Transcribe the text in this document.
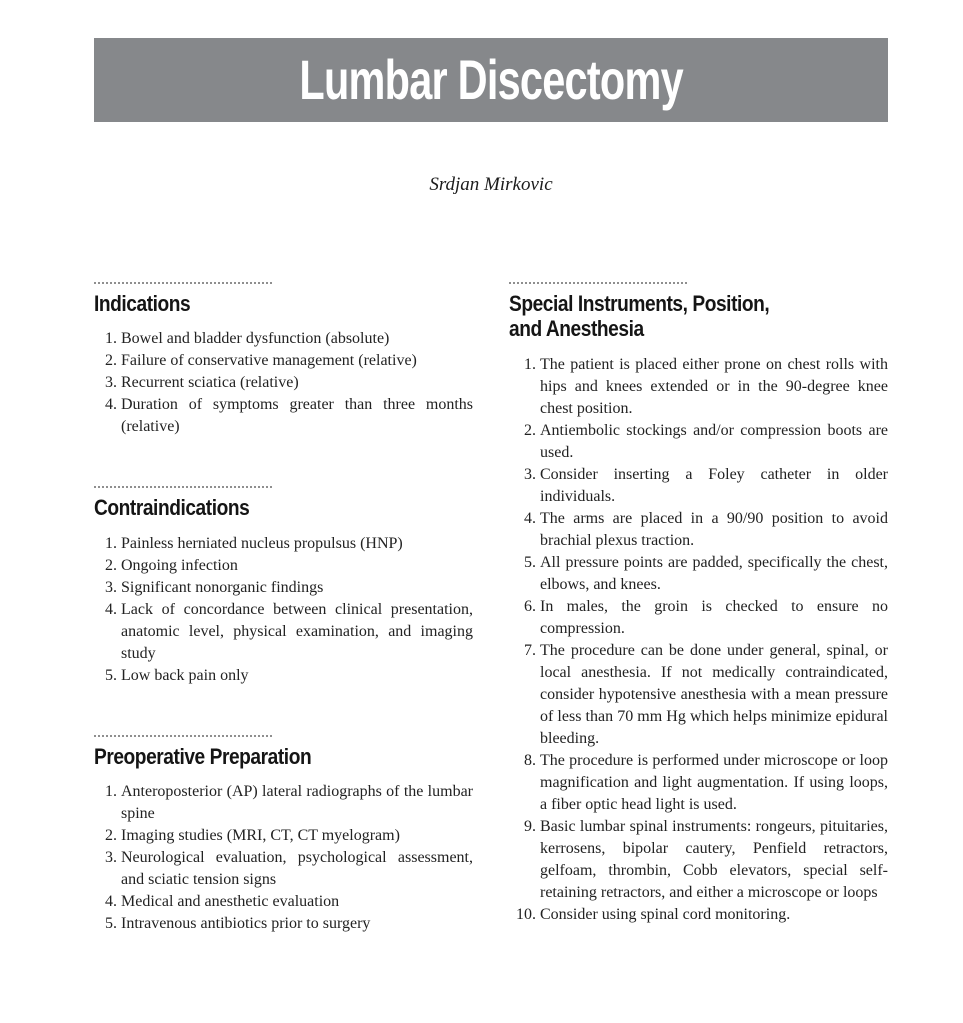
Lumbar Discectomy
Srdjan Mirkovic
Indications
1. Bowel and bladder dysfunction (absolute)
2. Failure of conservative management (relative)
3. Recurrent sciatica (relative)
4. Duration of symptoms greater than three months (relative)
Contraindications
1. Painless herniated nucleus propulsus (HNP)
2. Ongoing infection
3. Significant nonorganic findings
4. Lack of concordance between clinical presentation, anatomic level, physical examination, and imaging study
5. Low back pain only
Preoperative Preparation
1. Anteroposterior (AP) lateral radiographs of the lumbar spine
2. Imaging studies (MRI, CT, CT myelogram)
3. Neurological evaluation, psychological assessment, and sciatic tension signs
4. Medical and anesthetic evaluation
5. Intravenous antibiotics prior to surgery
Special Instruments, Position,
and Anesthesia
1. The patient is placed either prone on chest rolls with hips and knees extended or in the 90-degree knee chest position.
2. Antiembolic stockings and/or compression boots are used.
3. Consider inserting a Foley catheter in older individuals.
4. The arms are placed in a 90/90 position to avoid brachial plexus traction.
5. All pressure points are padded, specifically the chest, elbows, and knees.
6. In males, the groin is checked to ensure no compression.
7. The procedure can be done under general, spinal, or local anesthesia. If not medically contraindicated, consider hypotensive anesthesia with a mean pressure of less than 70 mm Hg which helps minimize epidural bleeding.
8. The procedure is performed under microscope or loop magnification and light augmentation. If using loops, a fiber optic head light is used.
9. Basic lumbar spinal instruments: rongeurs, pituitaries, kerrosens, bipolar cautery, Penfield retractors, gelfoam, thrombin, Cobb elevators, special self-retaining retractors, and either a microscope or loops
10. Consider using spinal cord monitoring.
